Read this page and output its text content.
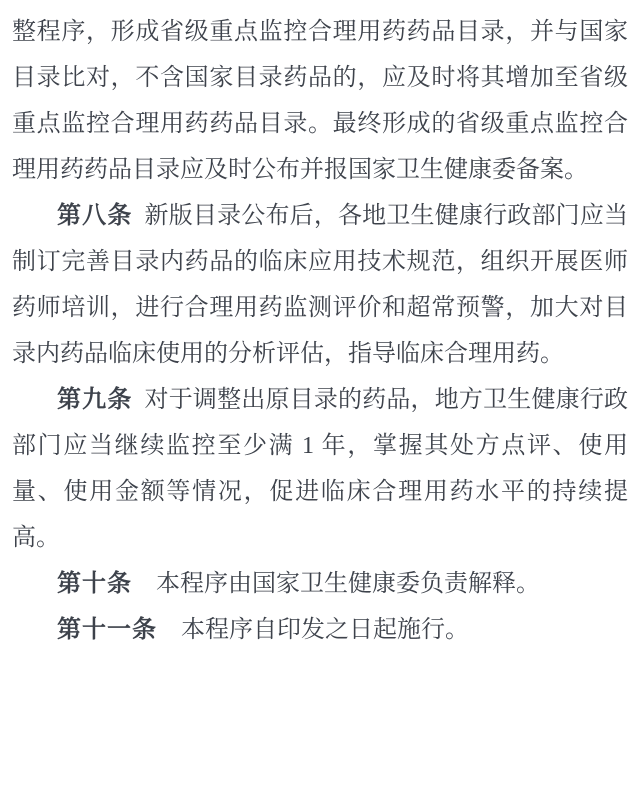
整程序，形成省级重点监控合理用药药品目录，并与国家目录比对，不含国家目录药品的，应及时将其增加至省级重点监控合理用药药品目录。最终形成的省级重点监控合理用药药品目录应及时公布并报国家卫生健康委备案。

第八条 新版目录公布后，各地卫生健康行政部门应当制订完善目录内药品的临床应用技术规范，组织开展医师药师培训，进行合理用药监测评价和超常预警，加大对目录内药品临床使用的分析评估，指导临床合理用药。

第九条 对于调整出原目录的药品，地方卫生健康行政部门应当继续监控至少满 1 年，掌握其处方点评、使用量、使用金额等情况，促进临床合理用药水平的持续提高。

第十条 本程序由国家卫生健康委负责解释。

第十一条 本程序自印发之日起施行。
